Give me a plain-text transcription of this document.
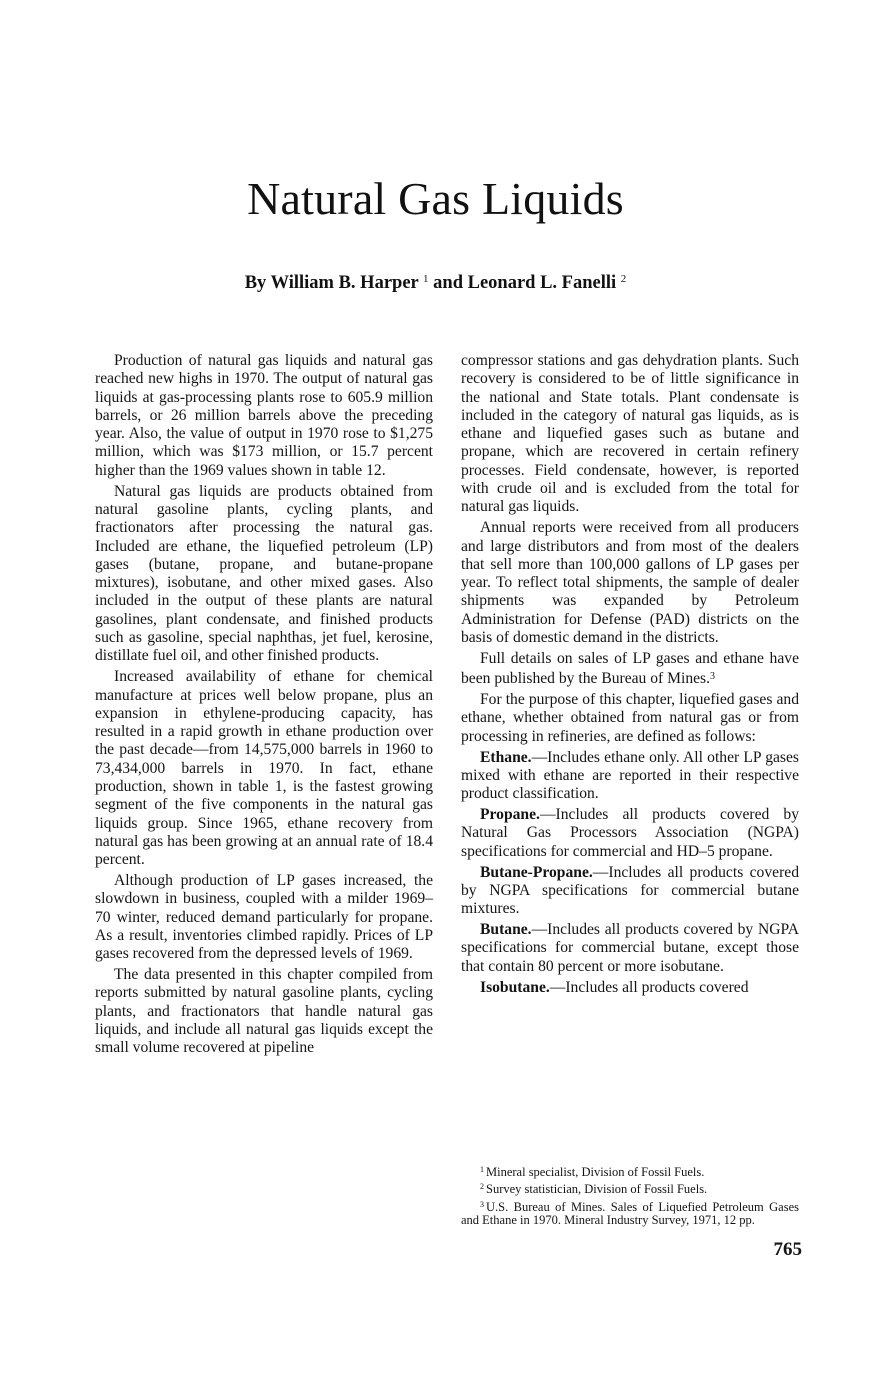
Natural Gas Liquids
By William B. Harper $^1$ and Leonard L. Fanelli $^2$

Production of natural gas liquids and natural gas reached new highs in 1970. The output of natural gas liquids at gas-processing plants rose to 605.9 million barrels, or 26 million barrels above the preceding year. Also, the value of output in 1970 rose to $1,275 million, which was $173 million, or 15.7 percent higher than the 1969 values shown in table 12.

Natural gas liquids are products obtained from natural gasoline plants, cycling plants, and fractionators after processing the natural gas. Included are ethane, the liquefied petroleum (LP) gases (butane, propane, and butane-propane mixtures), isobutane, and other mixed gases. Also included in the output of these plants are natural gasolines, plant condensate, and finished products such as gasoline, special naphthas, jet fuel, kerosine, distillate fuel oil, and other finished products.

Increased availability of ethane for chemical manufacture at prices well below propane, plus an expansion in ethylene-producing capacity, has resulted in a rapid growth in ethane production over the past decade—from 14,575,000 barrels in 1960 to 73,434,000 barrels in 1970. In fact, ethane production, shown in table 1, is the fastest growing segment of the five components in the natural gas liquids group. Since 1965, ethane recovery from natural gas has been growing at an annual rate of 18.4 percent.

Although production of LP gases increased, the slowdown in business, coupled with a milder 1969–70 winter, reduced demand particularly for propane. As a result, inventories climbed rapidly. Prices of LP gases recovered from the depressed levels of 1969.

The data presented in this chapter compiled from reports submitted by natural gasoline plants, cycling plants, and fractionators that handle natural gas liquids, and include all natural gas liquids except the small volume recovered at pipeline

compressor stations and gas dehydration plants. Such recovery is considered to be of little significance in the national and State totals. Plant condensate is included in the category of natural gas liquids, as is ethane and liquefied gases such as butane and propane, which are recovered in certain refinery processes. Field condensate, however, is reported with crude oil and is excluded from the total for natural gas liquids.

Annual reports were received from all producers and large distributors and from most of the dealers that sell more than 100,000 gallons of LP gases per year. To reflect total shipments, the sample of dealer shipments was expanded by Petroleum Administration for Defense (PAD) districts on the basis of domestic demand in the districts.

Full details on sales of LP gases and ethane have been published by the Bureau of Mines.$^3$

For the purpose of this chapter, liquefied gases and ethane, whether obtained from natural gas or from processing in refineries, are defined as follows:

Ethane.—Includes ethane only. All other LP gases mixed with ethane are reported in their respective product classification.

Propane.—Includes all products covered by Natural Gas Processors Association (NGPA) specifications for commercial and HD–5 propane.

Butane-Propane.—Includes all products covered by NGPA specifications for commercial butane mixtures.

Butane.—Includes all products covered by NGPA specifications for commercial butane, except those that contain 80 percent or more isobutane.

Isobutane.—Includes all products covered

$^1$ Mineral specialist, Division of Fossil Fuels.

$^2$ Survey statistician, Division of Fossil Fuels.

$^3$ U.S. Bureau of Mines. Sales of Liquefied Petroleum Gases and Ethane in 1970. Mineral Industry Survey, 1971, 12 pp.

765
